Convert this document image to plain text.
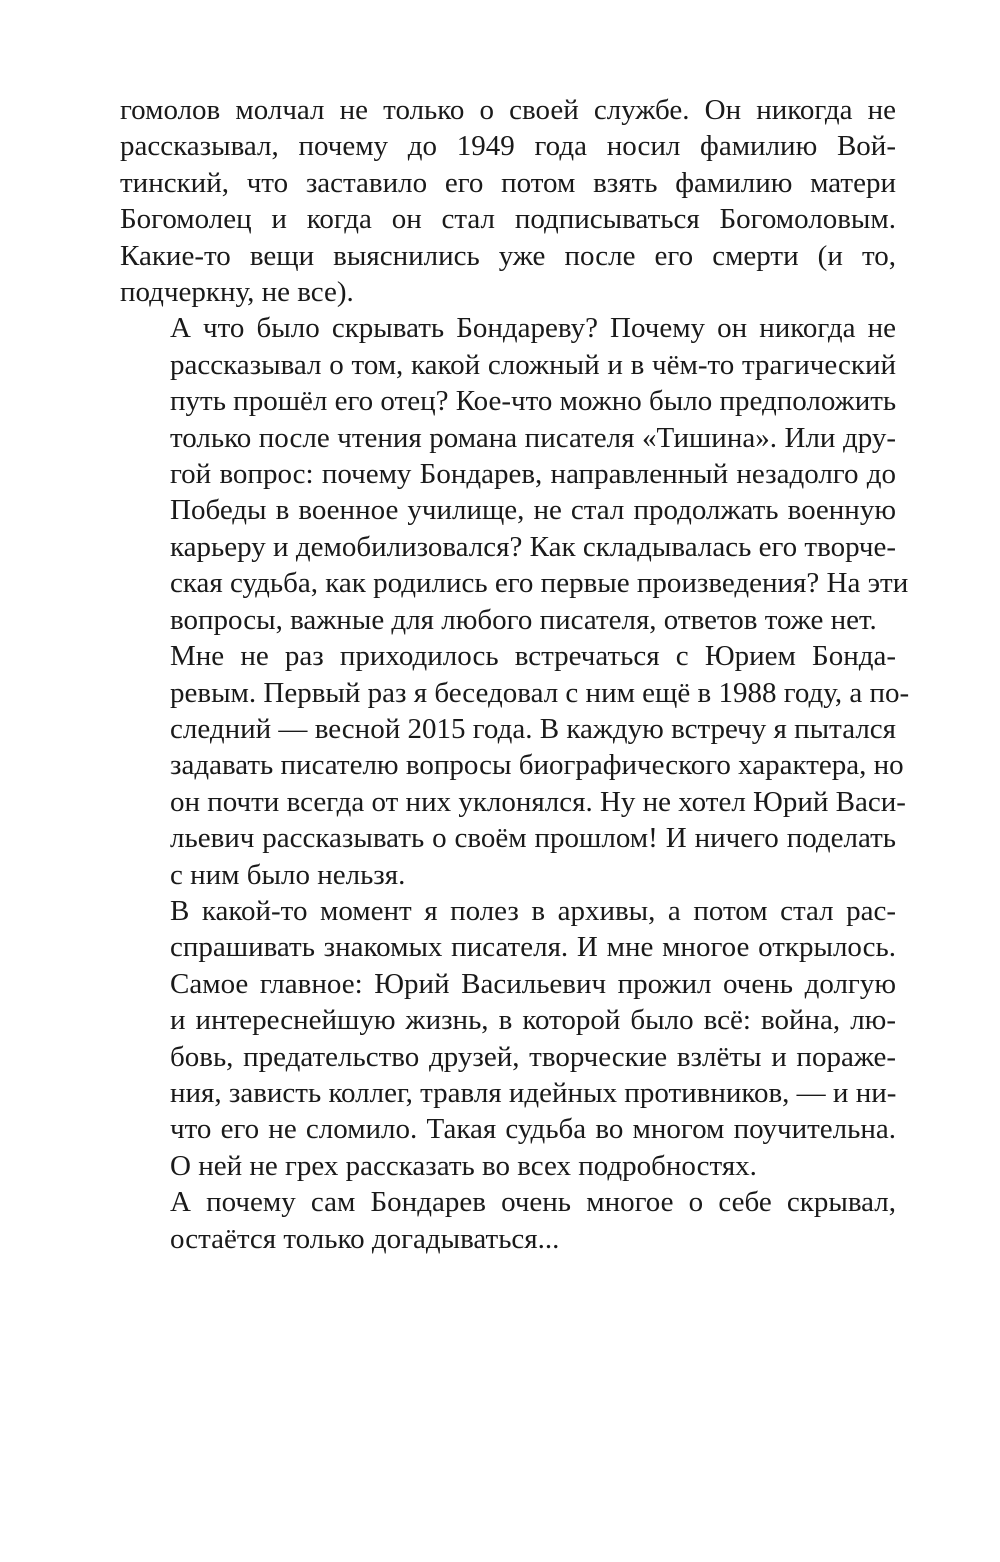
гомолов молчал не только о своей службе. Он никогда не
рассказывал, почему до 1949 года носил фамилию Вой-
тинский, что заставило его потом взять фамилию матери
Богомолец и когда он стал подписываться Богомоловым.
Какие-то вещи выяснились уже после его смерти (и то,
подчеркну, не все).
А что было скрывать Бондареву? Почему он никогда не
рассказывал о том, какой сложный и в чём-то трагический
путь прошёл его отец? Кое-что можно было предположить
только после чтения романа писателя «Тишина». Или дру-
гой вопрос: почему Бондарев, направленный незадолго до
Победы в военное училище, не стал продолжать военную
карьеру и демобилизовался? Как складывалась его творче-
ская судьба, как родились его первые произведения? На эти
вопросы, важные для любого писателя, ответов тоже нет.
Мне не раз приходилось встречаться с Юрием Бонда-
ревым. Первый раз я беседовал с ним ещё в 1988 году, а по-
следний — весной 2015 года. В каждую встречу я пытался
задавать писателю вопросы биографического характера, но
он почти всегда от них уклонялся. Ну не хотел Юрий Васи-
льевич рассказывать о своём прошлом! И ничего поделать
с ним было нельзя.
В какой-то момент я полез в архивы, а потом стал рас-
спрашивать знакомых писателя. И мне многое открылось.
Самое главное: Юрий Васильевич прожил очень долгую
и интереснейшую жизнь, в которой было всё: война, лю-
бовь, предательство друзей, творческие взлёты и пораже-
ния, зависть коллег, травля идейных противников, — и ни-
что его не сломило. Такая судьба во многом поучительна.
О ней не грех рассказать во всех подробностях.
А почему сам Бондарев очень многое о себе скрывал,
остаётся только догадываться...
